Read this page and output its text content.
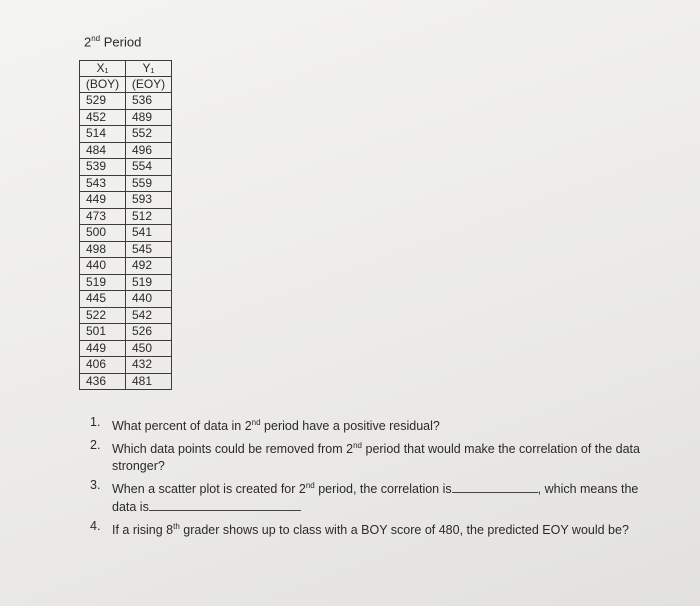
2nd Period
X₁	Y₁
(BOY)	(EOY)
529	536
452	489
514	552
484	496
539	554
543	559
449	593
473	512
500	541
498	545
440	492
519	519
445	440
522	542
501	526
449	450
406	432
436	481
1. What percent of data in 2nd period have a positive residual?
2. Which data points could be removed from 2nd period that would make the correlation of the data stronger?
3. When a scatter plot is created for 2nd period, the correlation is	, which means the data is
4. If a rising 8th grader shows up to class with a BOY score of 480, the predicted EOY would be?
